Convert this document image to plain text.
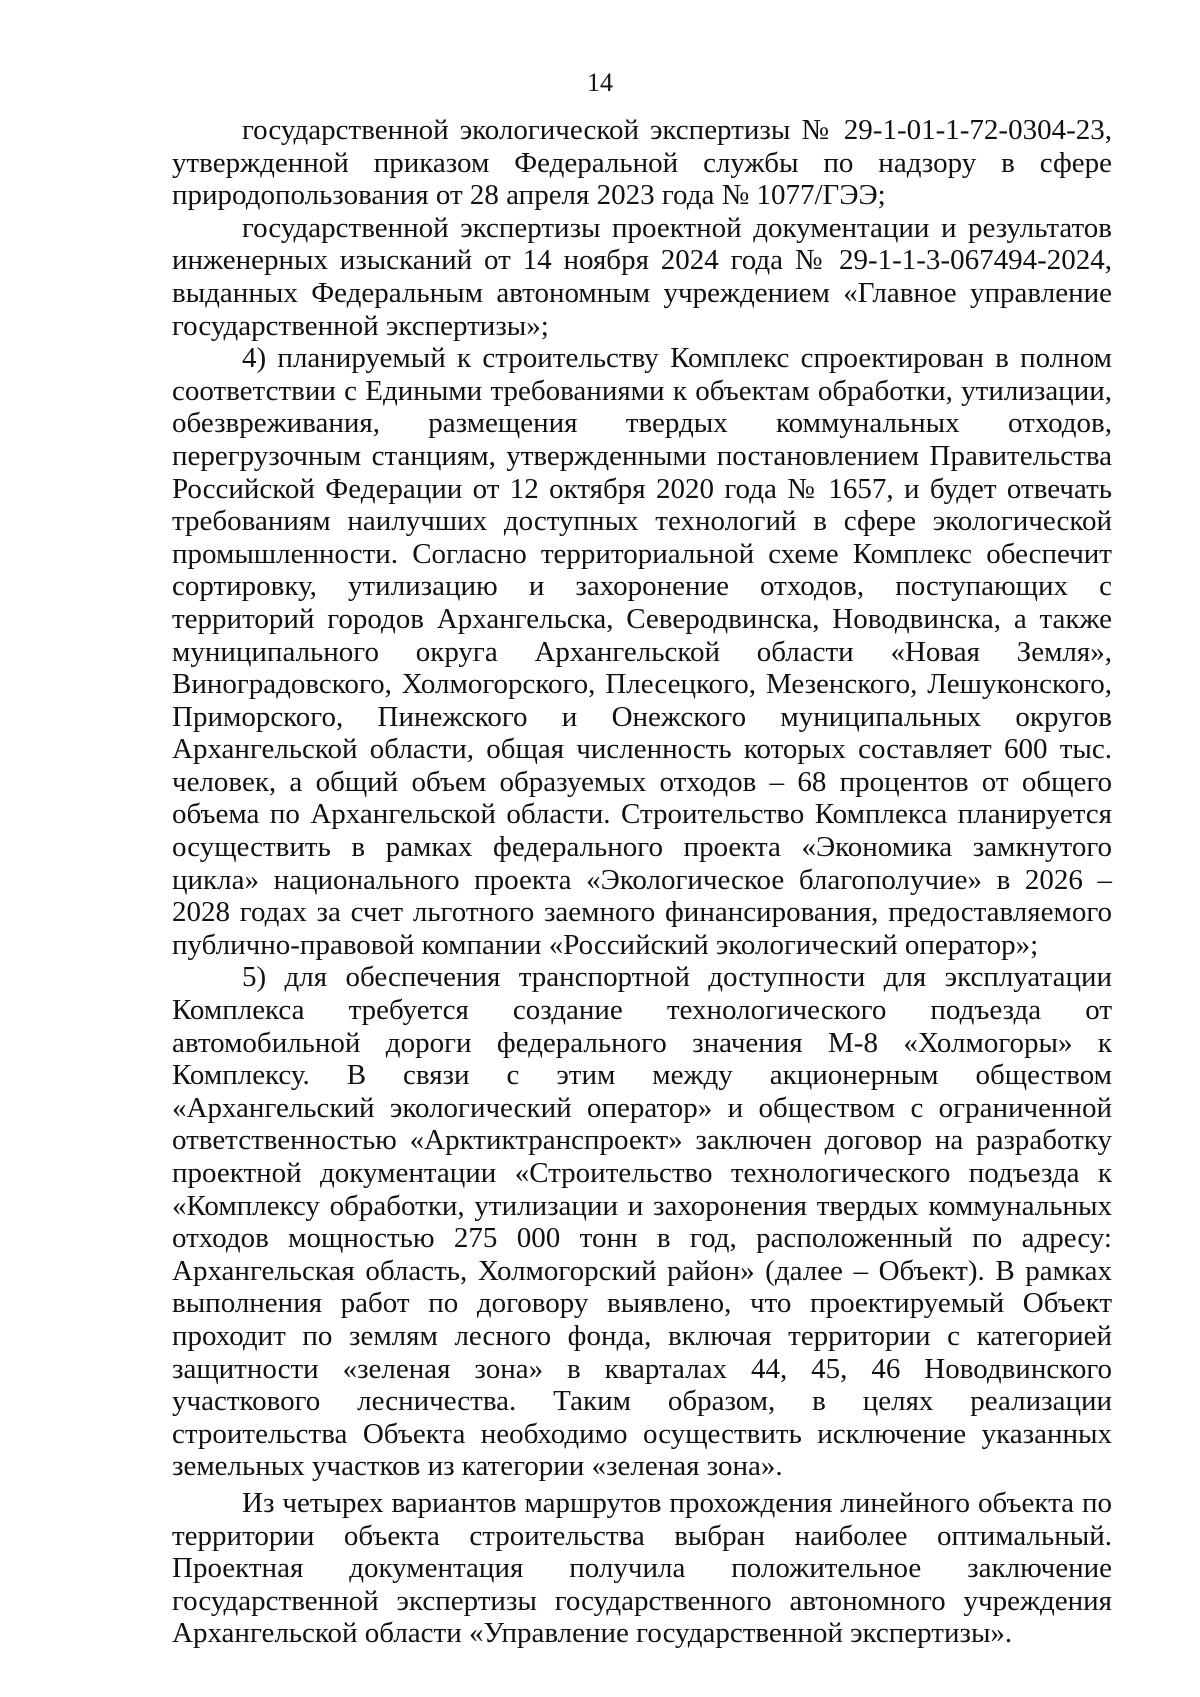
14

государственной экологической экспертизы № 29-1-01-1-72-0304-23, утвержденной приказом Федеральной службы по надзору в сфере природопользования от 28 апреля 2023 года № 1077/ГЭЭ;

государственной экспертизы проектной документации и результатов инженерных изысканий от 14 ноября 2024 года № 29-1-1-3-067494-2024, выданных Федеральным автономным учреждением «Главное управление государственной экспертизы»;

4) планируемый к строительству Комплекс спроектирован в полном соответствии с Едиными требованиями к объектам обработки, утилизации, обезвреживания, размещения твердых коммунальных отходов, перегрузочным станциям, утвержденными постановлением Правительства Российской Федерации от 12 октября 2020 года № 1657, и будет отвечать требованиям наилучших доступных технологий в сфере экологической промышленности. Согласно территориальной схеме Комплекс обеспечит сортировку, утилизацию и захоронение отходов, поступающих с территорий городов Архангельска, Северодвинска, Новодвинска, а также муниципального округа Архангельской области «Новая Земля», Виноградовского, Холмогорского, Плесецкого, Мезенского, Лешуконского, Приморского, Пинежского и Онежского муниципальных округов Архангельской области, общая численность которых составляет 600 тыс. человек, а общий объем образуемых отходов – 68 процентов от общего объема по Архангельской области. Строительство Комплекса планируется осуществить в рамках федерального проекта «Экономика замкнутого цикла» национального проекта «Экологическое благополучие» в 2026 – 2028 годах за счет льготного заемного финансирования, предоставляемого публично-правовой компании «Российский экологический оператор»;

5) для обеспечения транспортной доступности для эксплуатации Комплекса требуется создание технологического подъезда от автомобильной дороги федерального значения М-8 «Холмогоры» к Комплексу. В связи с этим между акционерным обществом «Архангельский экологический оператор» и обществом с ограниченной ответственностью «Арктиктранспроект» заключен договор на разработку проектной документации «Строительство технологического подъезда к «Комплексу обработки, утилизации и захоронения твердых коммунальных отходов мощностью 275 000 тонн в год, расположенный по адресу: Архангельская область, Холмогорский район» (далее – Объект). В рамках выполнения работ по договору выявлено, что проектируемый Объект проходит по землям лесного фонда, включая территории с категорией защитности «зеленая зона» в кварталах 44, 45, 46 Новодвинского участкового лесничества. Таким образом, в целях реализации строительства Объекта необходимо осуществить исключение указанных земельных участков из категории «зеленая зона».

Из четырех вариантов маршрутов прохождения линейного объекта по территории объекта строительства выбран наиболее оптимальный. Проектная документация получила положительное заключение государственной экспертизы государственного автономного учреждения Архангельской области «Управление государственной экспертизы».
